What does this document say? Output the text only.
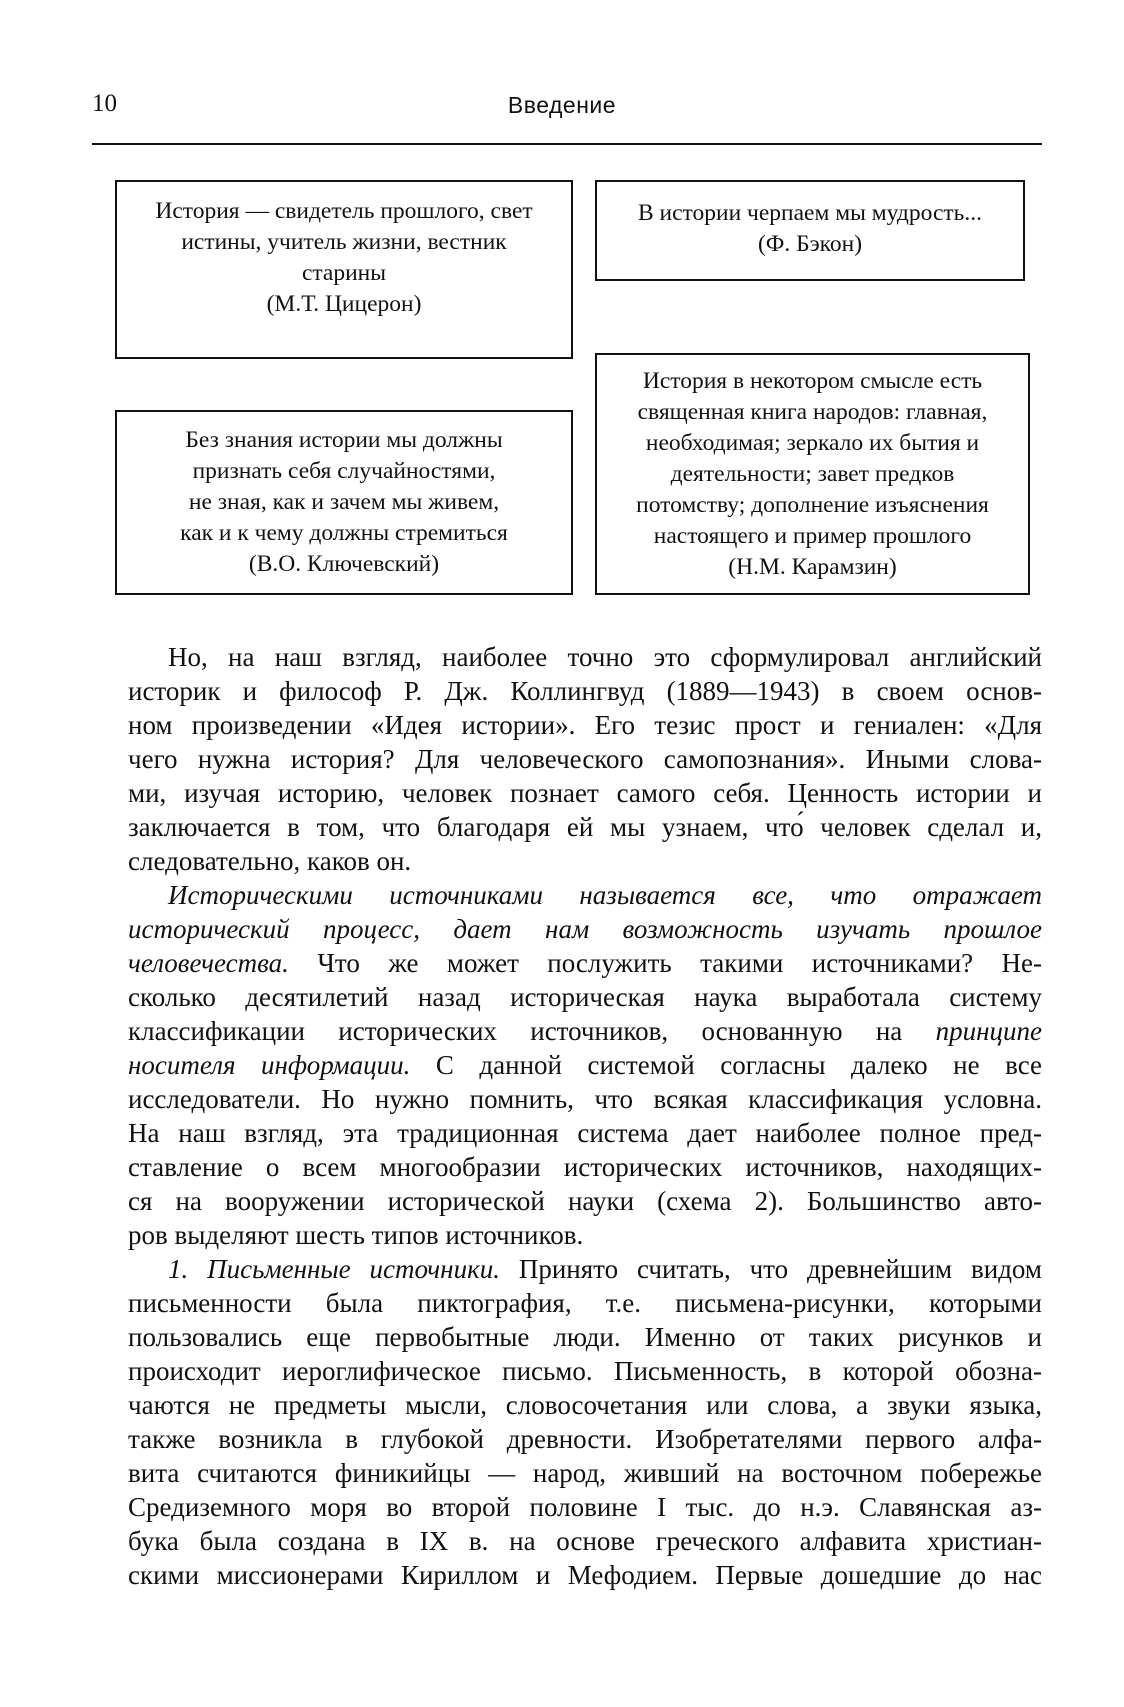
10	Введение
История — свидетель прошлого, свет
истины, учитель жизни, вестник
старины
(М.Т. Цицерон)
В истории черпаем мы мудрость...
(Ф. Бэкон)
Без знания истории мы должны
признать себя случайностями,
не зная, как и зачем мы живем,
как и к чему должны стремиться
(В.О. Ключевский)
История в некотором смысле есть
священная книга народов: главная,
необходимая; зеркало их бытия и
деятельности; завет предков
потомству; дополнение изъяснения
настоящего и пример прошлого
(Н.М. Карамзин)
Но, на наш взгляд, наиболее точно это сформулировал английский
историк и философ Р. Дж. Коллингвуд (1889—1943) в своем основ-
ном произведении «Идея истории». Его тезис прост и гениален: «Для
чего нужна история? Для человеческого самопознания». Иными слова-
ми, изучая историю, человек познает самого себя. Ценность истории и
заключается в том, что благодаря ей мы узнаем, что́ человек сделал и,
следовательно, каков он.
Историческими источниками называется все, что отражает
исторический процесс, дает нам возможность изучать прошлое
человечества. Что же может послужить такими источниками? Не-
сколько десятилетий назад историческая наука выработала систему
классификации исторических источников, основанную на принципе
носителя информации. С данной системой согласны далеко не все
исследователи. Но нужно помнить, что всякая классификация условна.
На наш взгляд, эта традиционная система дает наиболее полное пред-
ставление о всем многообразии исторических источников, находящих-
ся на вооружении исторической науки (схема 2). Большинство авто-
ров выделяют шесть типов источников.
1. Письменные источники. Принято считать, что древнейшим видом
письменности была пиктография, т.е. письмена-рисунки, которыми
пользовались еще первобытные люди. Именно от таких рисунков и
происходит иероглифическое письмо. Письменность, в которой обозна-
чаются не предметы мысли, словосочетания или слова, а звуки языка,
также возникла в глубокой древности. Изобретателями первого алфа-
вита считаются финикийцы — народ, живший на восточном побережье
Средиземного моря во второй половине I тыс. до н.э. Славянская аз-
бука была создана в IX в. на основе греческого алфавита христиан-
скими миссионерами Кириллом и Мефодием. Первые дошедшие до нас
